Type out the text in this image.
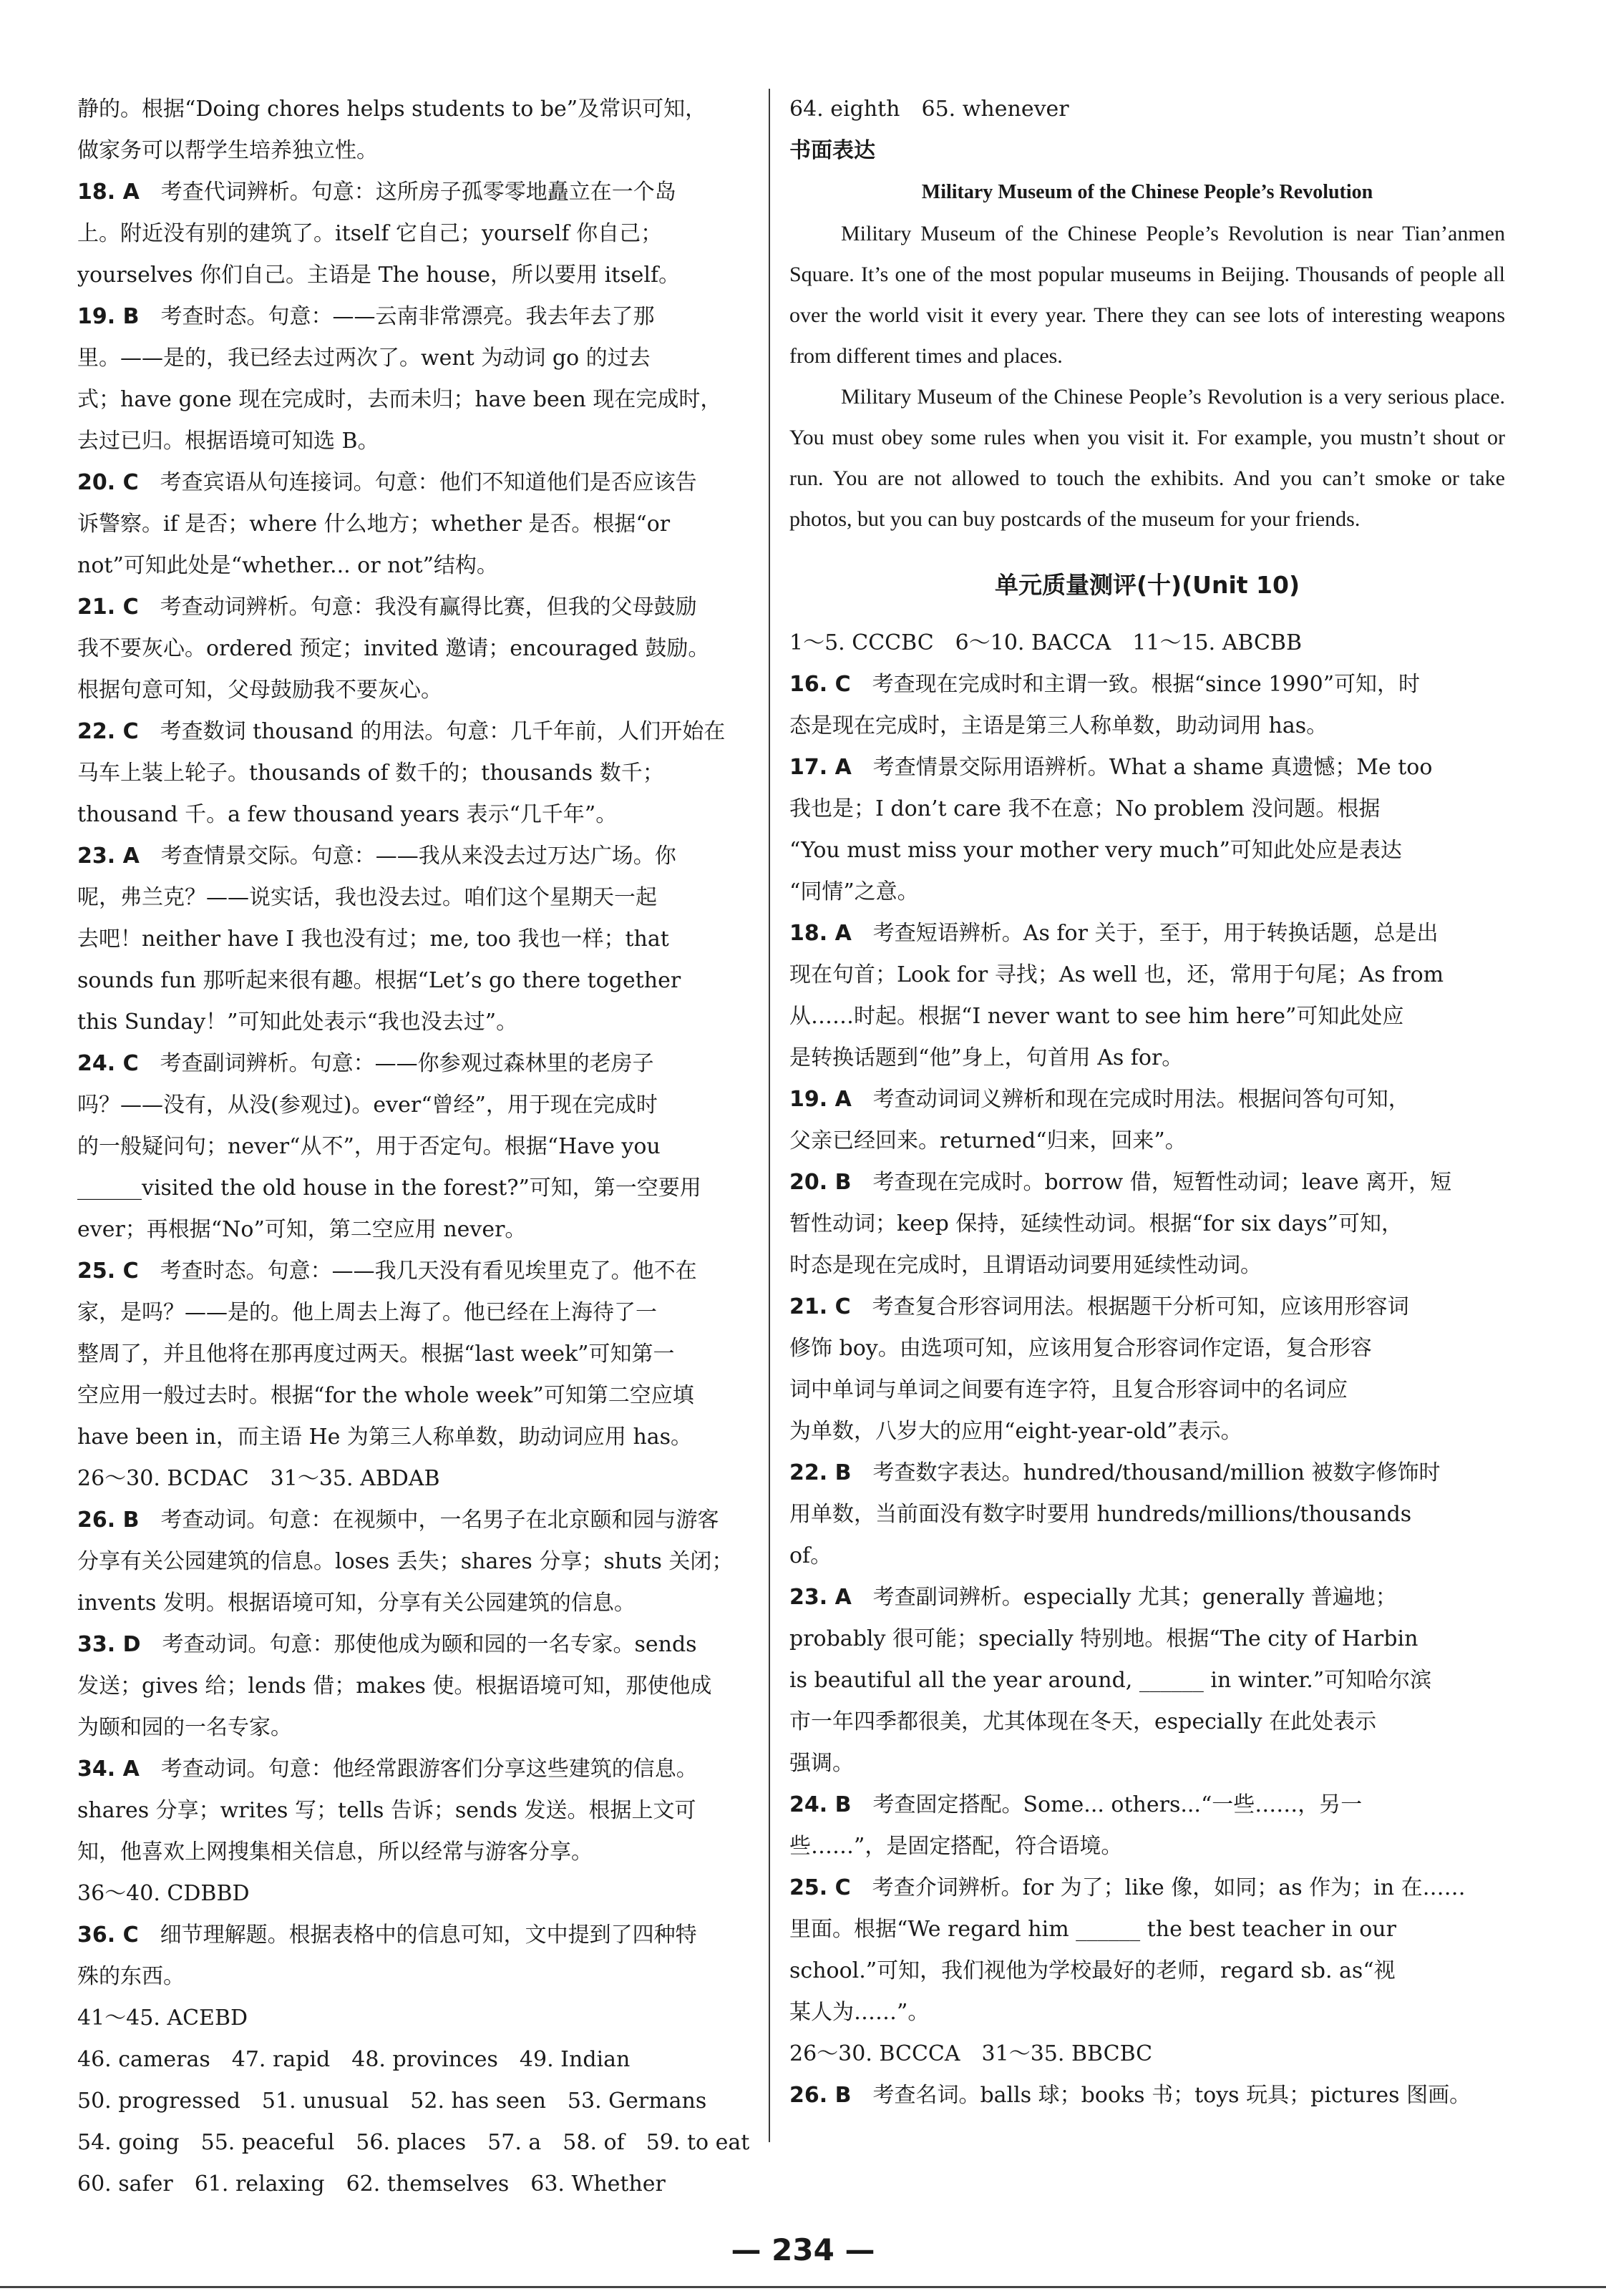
静的。根据“Doing chores helps students to be”及常识可知，
做家务可以帮学生培养独立性。
18. A　考查代词辨析。句意：这所房子孤零零地矗立在一个岛
上。附近没有别的建筑了。itself 它自己；yourself 你自己；
yourselves 你们自己。主语是 The house，所以要用 itself。
19. B　考查时态。句意：——云南非常漂亮。我去年去了那
里。——是的，我已经去过两次了。went 为动词 go 的过去
式；have gone 现在完成时，去而未归；have been 现在完成时，
去过已归。根据语境可知选 B。
20. C　考查宾语从句连接词。句意：他们不知道他们是否应该告
诉警察。if 是否；where 什么地方；whether 是否。根据“or
not”可知此处是“whether... or not”结构。
21. C　考查动词辨析。句意：我没有赢得比赛，但我的父母鼓励
我不要灰心。ordered 预定；invited 邀请；encouraged 鼓励。
根据句意可知，父母鼓励我不要灰心。
22. C　考查数词 thousand 的用法。句意：几千年前，人们开始在
马车上装上轮子。thousands of 数千的；thousands 数千；
thousand 千。a few thousand years 表示“几千年”。
23. A　考查情景交际。句意：——我从来没去过万达广场。你
呢，弗兰克？——说实话，我也没去过。咱们这个星期天一起
去吧！neither have I 我也没有过；me, too 我也一样；that
sounds fun 那听起来很有趣。根据“Let’s go there together
this Sunday！”可知此处表示“我也没去过”。
24. C　考查副词辨析。句意：——你参观过森林里的老房子
吗？——没有，从没(参观过)。ever“曾经”，用于现在完成时
的一般疑问句；never“从不”，用于否定句。根据“Have you
______visited the old house in the forest?”可知，第一空要用
ever；再根据“No”可知，第二空应用 never。
25. C　考查时态。句意：——我几天没有看见埃里克了。他不在
家，是吗？——是的。他上周去上海了。他已经在上海待了一
整周了，并且他将在那再度过两天。根据“last week”可知第一
空应用一般过去时。根据“for the whole week”可知第二空应填
have been in，而主语 He 为第三人称单数，助动词应用 has。
26～30. BCDAC　31～35. ABDAB
26. B　考查动词。句意：在视频中，一名男子在北京颐和园与游客
分享有关公园建筑的信息。loses 丢失；shares 分享；shuts 关闭；
invents 发明。根据语境可知，分享有关公园建筑的信息。
33. D　考查动词。句意：那使他成为颐和园的一名专家。sends
发送；gives 给；lends 借；makes 使。根据语境可知，那使他成
为颐和园的一名专家。
34. A　考查动词。句意：他经常跟游客们分享这些建筑的信息。
shares 分享；writes 写；tells 告诉；sends 发送。根据上文可
知，他喜欢上网搜集相关信息，所以经常与游客分享。
36～40. CDBBD
36. C　细节理解题。根据表格中的信息可知，文中提到了四种特
殊的东西。
41～45. ACEBD
46. cameras　47. rapid　48. provinces　49. Indian
50. progressed　51. unusual　52. has seen　53. Germans
54. going　55. peaceful　56. places　57. a　58. of　59. to eat
60. safer　61. relaxing　62. themselves　63. Whether
64. eighth　65. whenever
书面表达
Military Museum of the Chinese People’s Revolution

Military Museum of the Chinese People’s Revolution is near Tian’anmen Square. It’s one of the most popular museums in Beijing. Thousands of people all over the world visit it every year. There they can see lots of interesting weapons from different times and places.

Military Museum of the Chinese People’s Revolution is a very serious place. You must obey some rules when you visit it. For example, you mustn’t shout or run. You are not allowed to touch the exhibits. And you can’t smoke or take photos, but you can buy postcards of the museum for your friends.

单元质量测评(十)(Unit 10)
1～5. CCCBC　6～10. BACCA　11～15. ABCBB
16. C　考查现在完成时和主谓一致。根据“since 1990”可知，时
态是现在完成时，主语是第三人称单数，助动词用 has。
17. A　考查情景交际用语辨析。What a shame 真遗憾；Me too
我也是；I don’t care 我不在意；No problem 没问题。根据
“You must miss your mother very much”可知此处应是表达
“同情”之意。
18. A　考查短语辨析。As for 关于，至于，用于转换话题，总是出
现在句首；Look for 寻找；As well 也，还，常用于句尾；As from
从……时起。根据“I never want to see him here”可知此处应
是转换话题到“他”身上，句首用 As for。
19. A　考查动词词义辨析和现在完成时用法。根据问答句可知，
父亲已经回来。returned“归来，回来”。
20. B　考查现在完成时。borrow 借，短暂性动词；leave 离开，短
暂性动词；keep 保持，延续性动词。根据“for six days”可知，
时态是现在完成时，且谓语动词要用延续性动词。
21. C　考查复合形容词用法。根据题干分析可知，应该用形容词
修饰 boy。由选项可知，应该用复合形容词作定语，复合形容
词中单词与单词之间要有连字符，且复合形容词中的名词应
为单数，八岁大的应用“eight-year-old”表示。
22. B　考查数字表达。hundred/thousand/million 被数字修饰时
用单数，当前面没有数字时要用 hundreds/millions/thousands
of。
23. A　考查副词辨析。especially 尤其；generally 普遍地；
probably 很可能；specially 特别地。根据“The city of Harbin
is beautiful all the year around, ______ in winter.”可知哈尔滨
市一年四季都很美，尤其体现在冬天，especially 在此处表示
强调。
24. B　考查固定搭配。Some... others...“一些……，另一
些……”，是固定搭配，符合语境。
25. C　考查介词辨析。for 为了；like 像，如同；as 作为；in 在……
里面。根据“We regard him ______ the best teacher in our
school.”可知，我们视他为学校最好的老师，regard sb. as“视
某人为……”。
26～30. BCCCA　31～35. BBCBC
26. B　考查名词。balls 球；books 书；toys 玩具；pictures 图画。
— 234 —
